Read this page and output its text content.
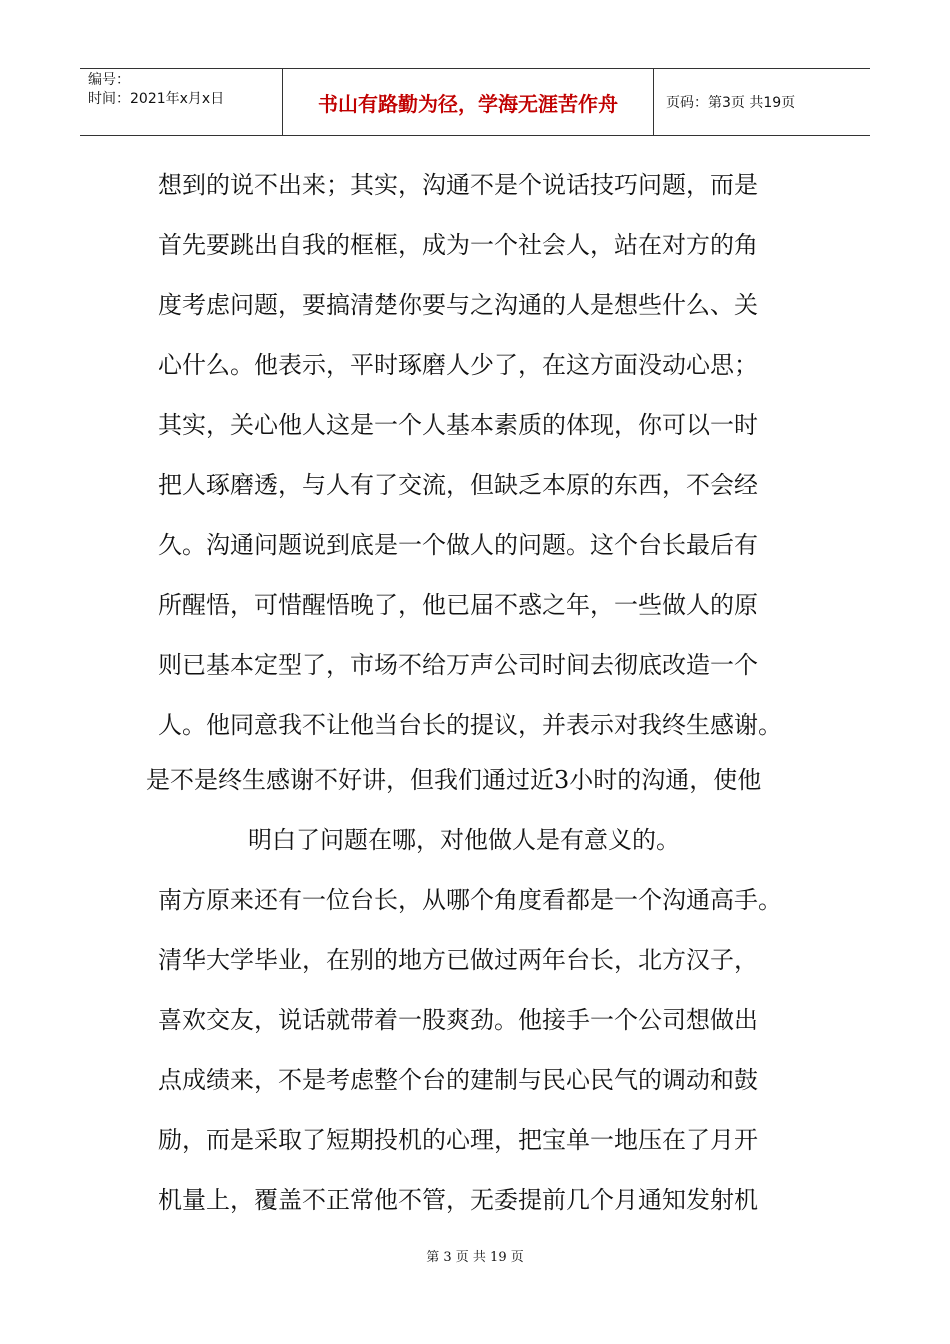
编号：
时间：2021年x月x日	书山有路勤为径，学海无涯苦作舟	页码：第3页 共19页
想到的说不出来；其实，沟通不是个说话技巧问题，而是
首先要跳出自我的框框，成为一个社会人，站在对方的角
度考虑问题，要搞清楚你要与之沟通的人是想些什么、关
心什么。他表示，平时琢磨人少了，在这方面没动心思；
其实，关心他人这是一个人基本素质的体现，你可以一时
把人琢磨透，与人有了交流，但缺乏本原的东西，不会经
久。沟通问题说到底是一个做人的问题。这个台长最后有
所醒悟，可惜醒悟晚了，他已届不惑之年，一些做人的原
则已基本定型了，市场不给万声公司时间去彻底改造一个
人。他同意我不让他当台长的提议，并表示对我终生感谢。
是不是终生感谢不好讲，但我们通过近3小时的沟通，使他
明白了问题在哪，对他做人是有意义的。
南方原来还有一位台长，从哪个角度看都是一个沟通高手。
清华大学毕业，在别的地方已做过两年台长，北方汉子，
喜欢交友，说话就带着一股爽劲。他接手一个公司想做出
点成绩来，不是考虑整个台的建制与民心民气的调动和鼓
励，而是采取了短期投机的心理，把宝单一地压在了月开
机量上，覆盖不正常他不管，无委提前几个月通知发射机
第 3 页 共 19 页
